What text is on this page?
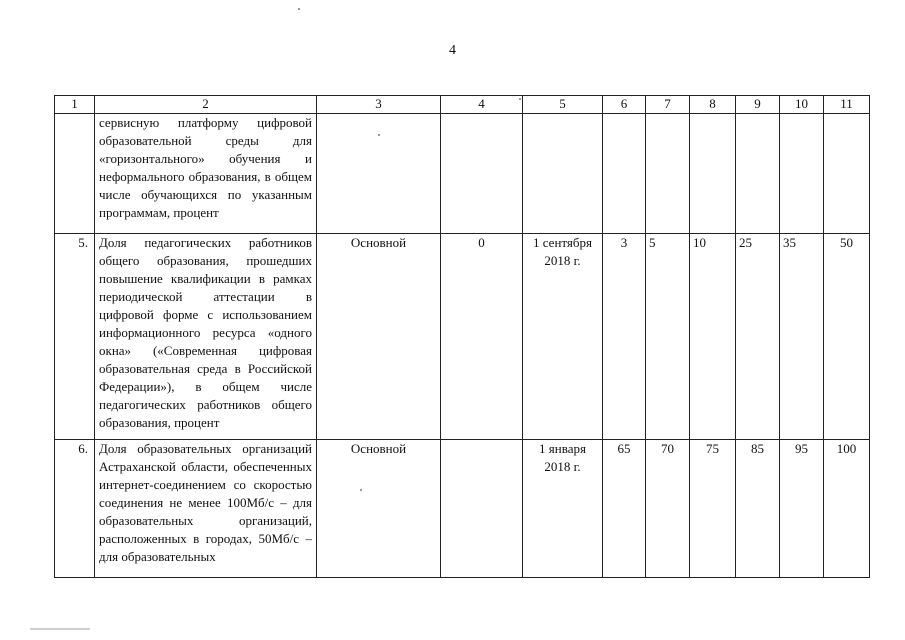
4
1	2	3	4	5	6	7	8	9	10	11
	сервисную платформу цифровой образовательной среды для «горизонтального» обучения и неформального образования, в общем числе обучающихся по указанным программам, процент									
5.	Доля педагогических работников общего образования, прошедших повышение квалификации в рамках периодической аттестации в цифровой форме с использованием информационного ресурса «одного окна» («Современная цифровая образовательная среда в Российской Федерации»), в общем числе педагогических работников общего образования, процент	Основной	0	1 сентября 2018 г.	3	5	10	25	35	50
6.	Доля образовательных организаций Астраханской области, обеспеченных интернет-соединением со скоростью соединения не менее 100Мб/с – для образовательных организаций, расположенных в городах, 50Мб/с – для образовательных	Основной		1 января 2018 г.	65	70	75	85	95	100
